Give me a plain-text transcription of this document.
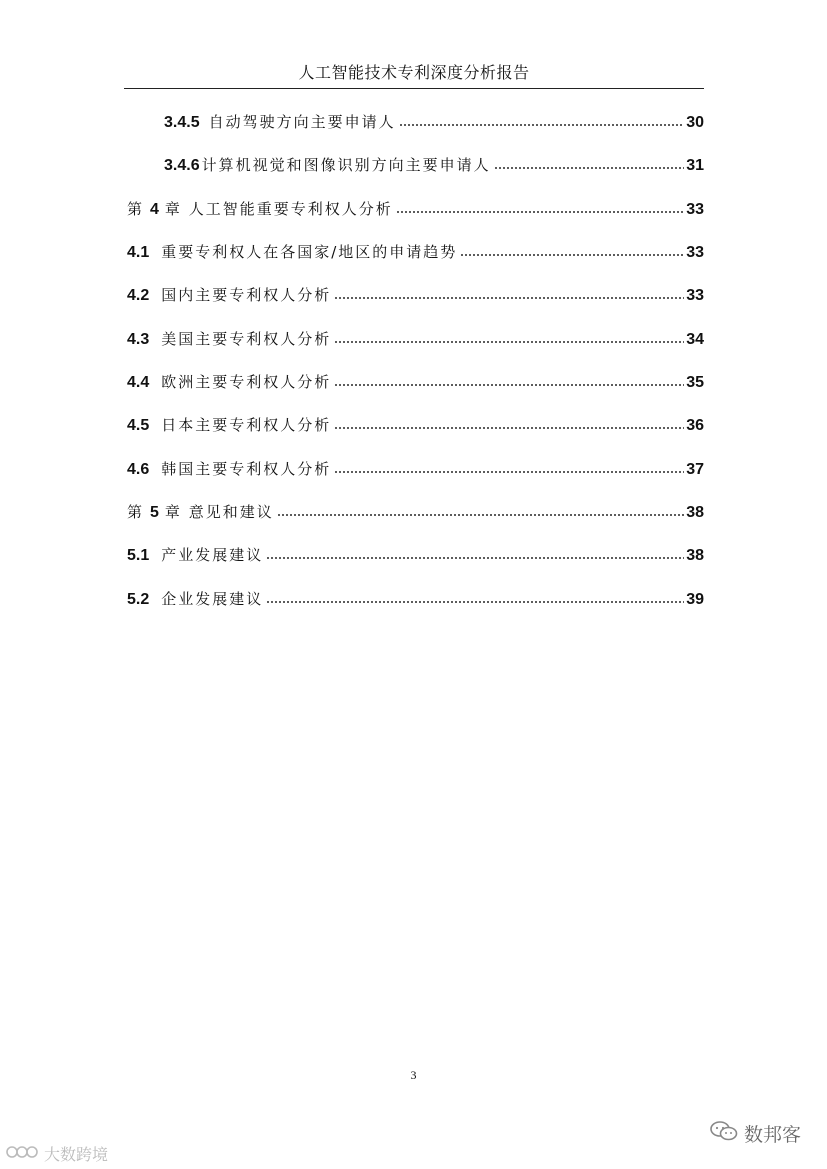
人工智能技术专利深度分析报告
3.4.5 自动驾驶方向主要申请人	30
3.4.6 计算机视觉和图像识别方向主要申请人	31
第 4 章 人工智能重要专利权人分析	33
4.1 重要专利权人在各国家/地区的申请趋势	33
4.2 国内主要专利权人分析	33
4.3 美国主要专利权人分析	34
4.4 欧洲主要专利权人分析	35
4.5 日本主要专利权人分析	36
4.6 韩国主要专利权人分析	37
第 5 章 意见和建议	38
5.1 产业发展建议	38
5.2 企业发展建议	39
3
数邦客
大数跨境
